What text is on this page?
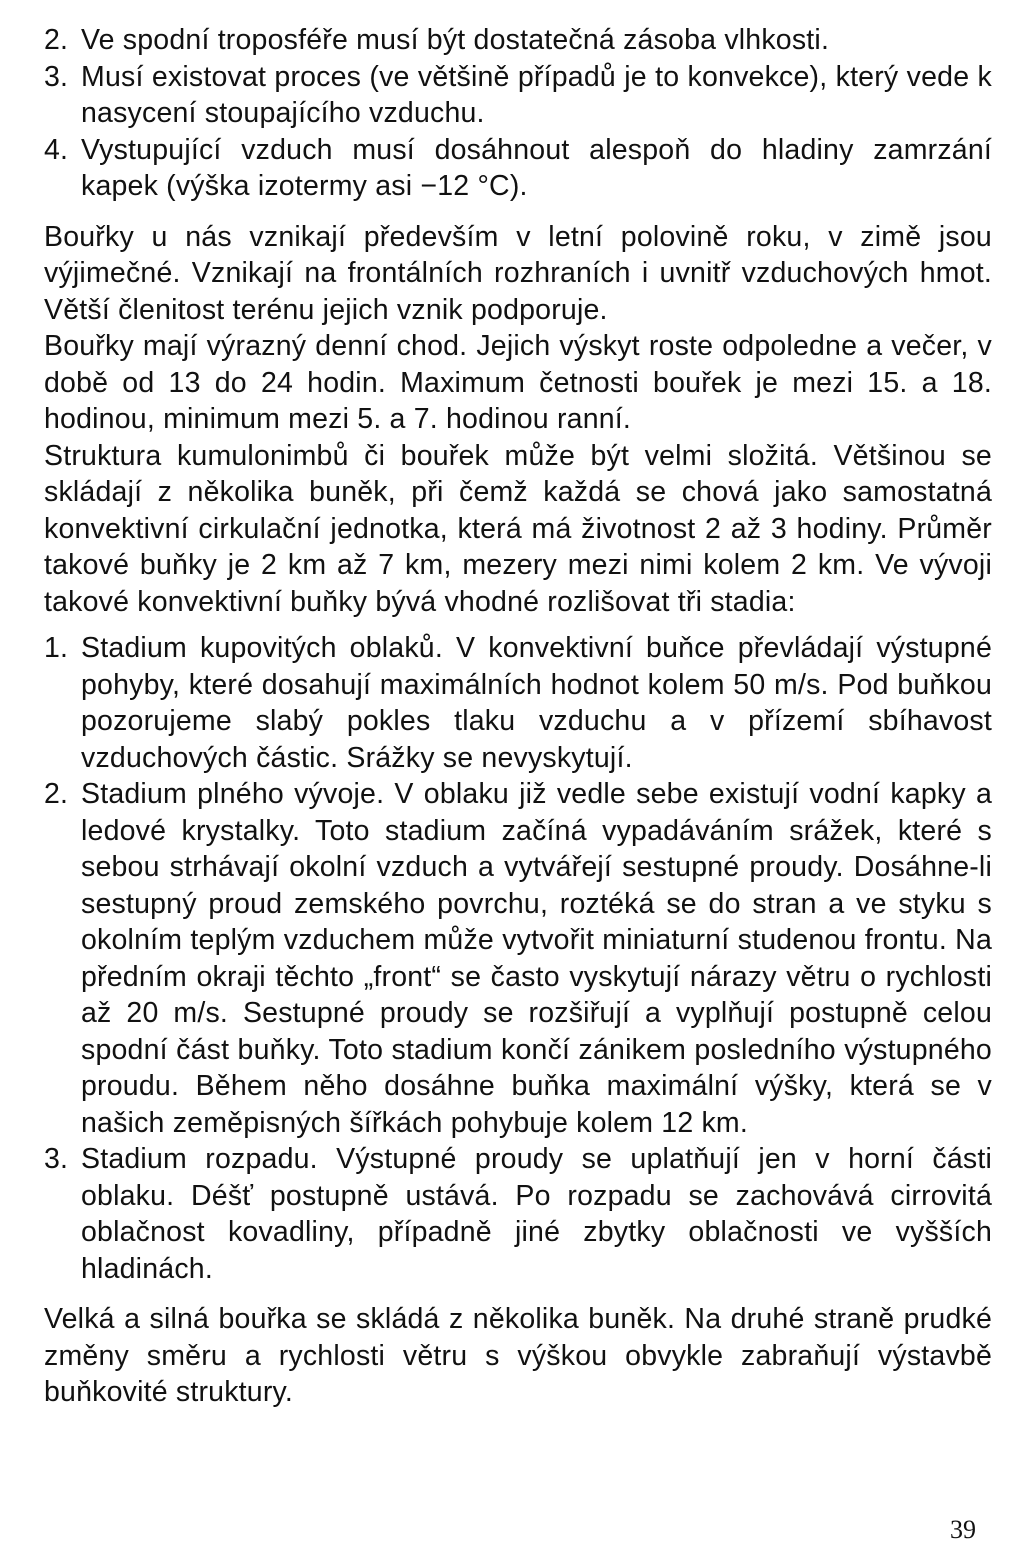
2. Ve spodní troposféře musí být dostatečná zásoba vlhkosti.
3. Musí existovat proces (ve většině případů je to konvekce), který vede k nasycení stoupajícího vzduchu.
4. Vystupující vzduch musí dosáhnout alespoň do hladiny zamrzání kapek (výška izotermy asi −12 °C).
Bouřky u nás vznikají především v letní polovině roku, v zimě jsou výjimečné. Vznikají na frontálních rozhraních i uvnitř vzduchových hmot. Větší členitost terénu jejich vznik podporuje.
Bouřky mají výrazný denní chod. Jejich výskyt roste odpoledne a večer, v době od 13 do 24 hodin. Maximum četnosti bouřek je mezi 15. a 18. hodinou, minimum mezi 5. a 7. hodinou ranní.
Struktura kumulonimbů či bouřek může být velmi složitá. Většinou se skládají z několika buněk, při čemž každá se chová jako samostatná konvektivní cirkulační jednotka, která má životnost 2 až 3 hodiny. Průměr takové buňky je 2 km až 7 km, mezery mezi nimi kolem 2 km. Ve vývoji takové konvektivní buňky bývá vhodné rozlišovat tři stadia:
1. Stadium kupovitých oblaků. V konvektivní buňce převládají výstupné pohyby, které dosahují maximálních hodnot kolem 50 m/s. Pod buňkou pozorujeme slabý pokles tlaku vzduchu a v přízemí sbíhavost vzduchových částic. Srážky se nevyskytují.
2. Stadium plného vývoje. V oblaku již vedle sebe existují vodní kapky a ledové krystalky. Toto stadium začíná vypadáváním srážek, které s sebou strhávají okolní vzduch a vytvářejí sestupné proudy. Dosáhne-li sestupný proud zemského povrchu, roztéká se do stran a ve styku s okolním teplým vzduchem může vytvořit miniaturní studenou frontu. Na předním okraji těchto „front“ se často vyskytují nárazy větru o rychlosti až 20 m/s. Sestupné proudy se rozšiřují a vyplňují postupně celou spodní část buňky. Toto stadium končí zánikem posledního výstupného proudu. Během něho dosáhne buňka maximální výšky, která se v našich zeměpisných šířkách pohybuje kolem 12 km.
3. Stadium rozpadu. Výstupné proudy se uplatňují jen v horní části oblaku. Déšť postupně ustává. Po rozpadu se zachovává cirrovitá oblačnost kovadliny, případně jiné zbytky oblačnosti ve vyšších hladinách.
Velká a silná bouřka se skládá z několika buněk. Na druhé straně prudké změny směru a rychlosti větru s výškou obvykle zabraňují výstavbě buňkovité struktury.
39
